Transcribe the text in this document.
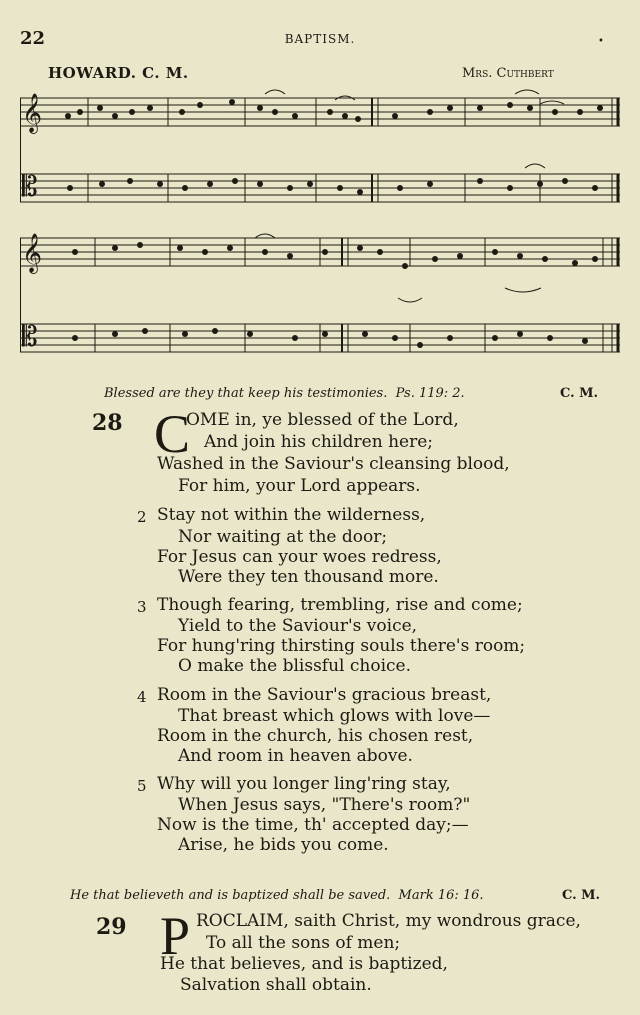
22	BAPTISM.	•
HOWARD. C. M.	Mrs. Cuthbert
𝄞
𝄡
𝄞
𝄡
Blessed are they that keep his testimonies. Ps. 119: 2.	C. M.
28 C
OME in, ye blessed of the Lord,
And join his children here;
Washed in the Saviour's cleansing blood,
For him, your Lord appears.
2 Stay not within the wilderness,
Nor waiting at the door;
For Jesus can your woes redress,
Were they ten thousand more.
3 Though fearing, trembling, rise and come;
Yield to the Saviour's voice,
For hung'ring thirsting souls there's room;
O make the blissful choice.
4 Room in the Saviour's gracious breast,
That breast which glows with love—
Room in the church, his chosen rest,
And room in heaven above.
5 Why will you longer ling'ring stay,
When Jesus says, "There's room?"
Now is the time, th' accepted day;—
Arise, he bids you come.
He that believeth and is baptized shall be saved. Mark 16: 16.	C. M.
29 P ROCLAIM, saith Christ, my wondrous grace,
To all the sons of men;
He that believes, and is baptized,
Salvation shall obtain.
